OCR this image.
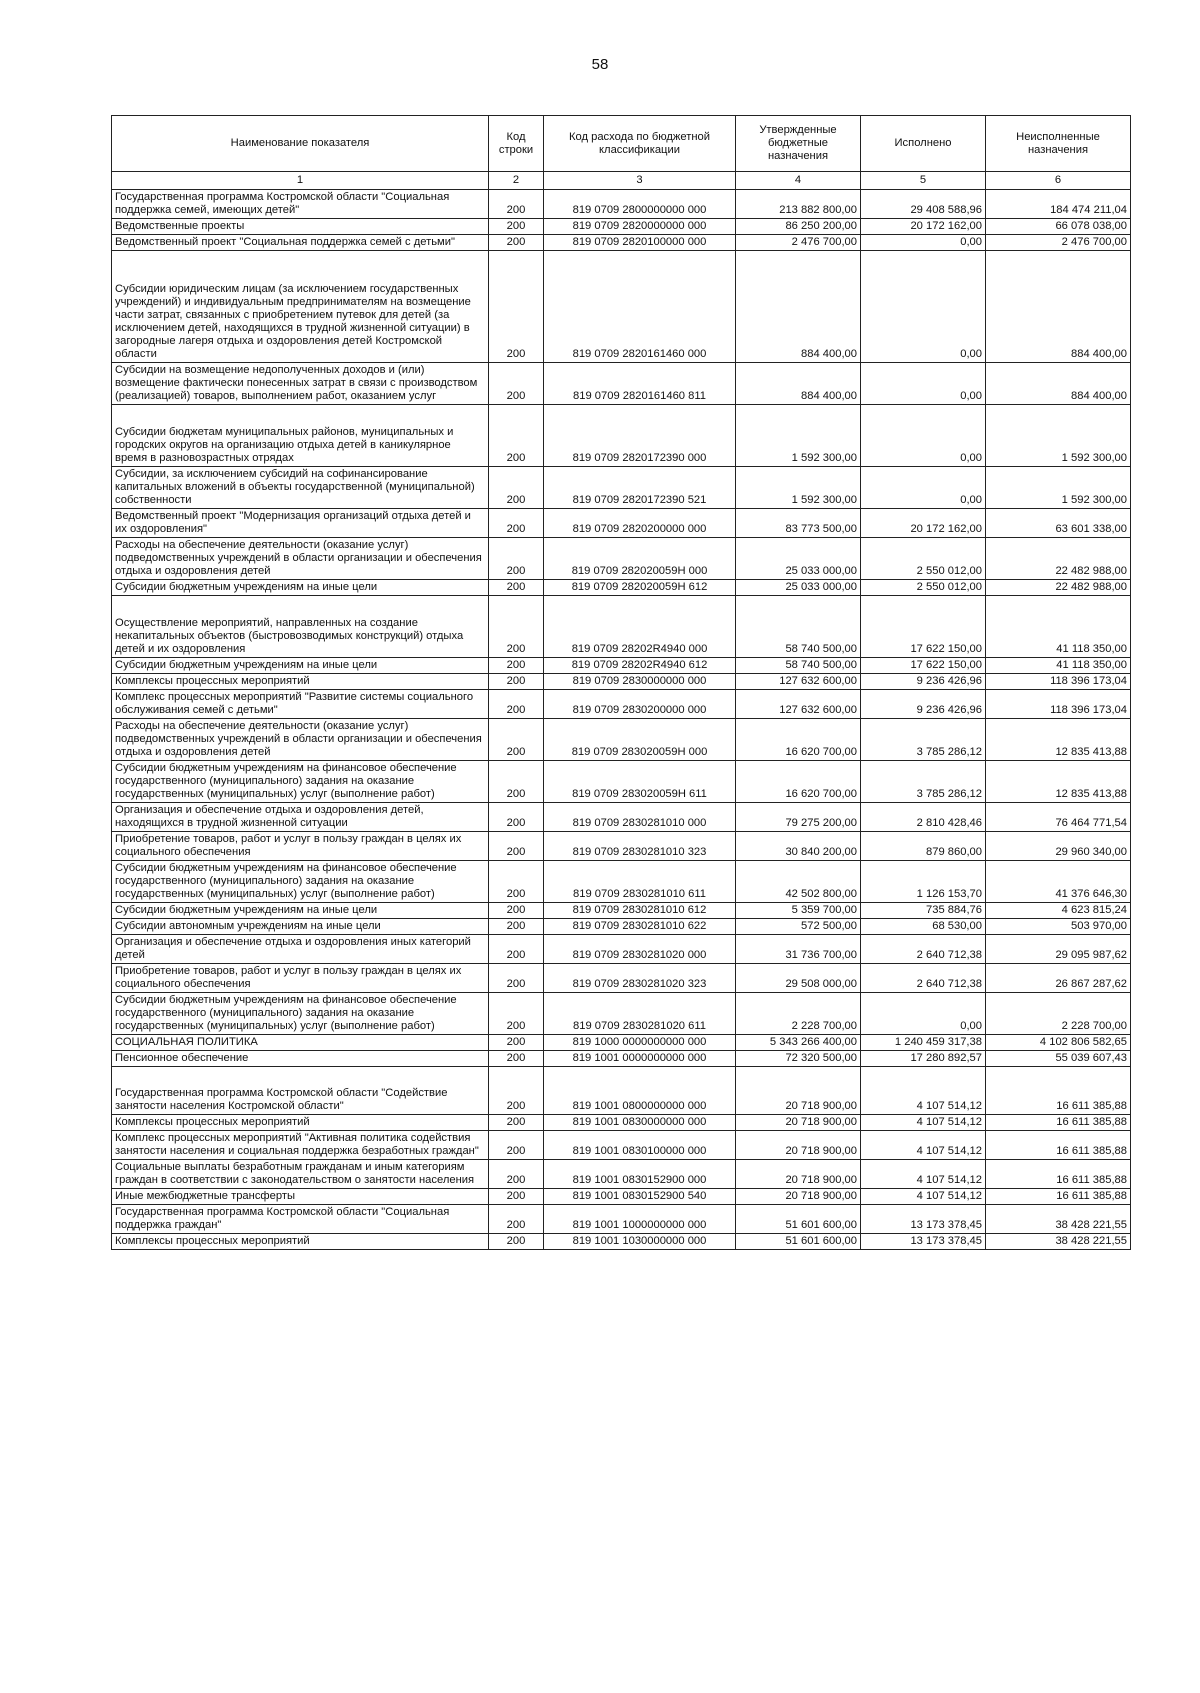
58
Наименование показателя	Код строки	Код расхода по бюджетной классификации	Утвержденные бюджетные назначения	Исполнено	Неисполненные назначения
1	2	3	4	5	6
Государственная программа Костромской области "Социальная поддержка семей, имеющих детей"	200	819 0709 2800000000 000	213 882 800,00	29 408 588,96	184 474 211,04
Ведомственные проекты	200	819 0709 2820000000 000	86 250 200,00	20 172 162,00	66 078 038,00
Ведомственный проект "Социальная поддержка семей с детьми"	200	819 0709 2820100000 000	2 476 700,00	0,00	2 476 700,00
Субсидии юридическим лицам (за исключением государственных учреждений) и индивидуальным предпринимателям на возмещение части затрат, связанных с приобретением путевок для детей (за исключением детей, находящихся в трудной жизненной ситуации) в загородные лагеря отдыха и оздоровления детей Костромской области	200	819 0709 2820161460 000	884 400,00	0,00	884 400,00
Субсидии на возмещение недополученных доходов и (или) возмещение фактически понесенных затрат в связи с производством (реализацией) товаров, выполнением работ, оказанием услуг	200	819 0709 2820161460 811	884 400,00	0,00	884 400,00
Субсидии бюджетам муниципальных районов, муниципальных и городских округов на организацию отдыха детей в каникулярное время в разновозрастных отрядах	200	819 0709 2820172390 000	1 592 300,00	0,00	1 592 300,00
Субсидии, за исключением субсидий на софинансирование капитальных вложений в объекты государственной (муниципальной) собственности	200	819 0709 2820172390 521	1 592 300,00	0,00	1 592 300,00
Ведомственный проект "Модернизация организаций отдыха детей и их оздоровления"	200	819 0709 2820200000 000	83 773 500,00	20 172 162,00	63 601 338,00
Расходы на обеспечение деятельности (оказание услуг) подведомственных учреждений в области организации и обеспечения отдыха и оздоровления детей	200	819 0709 282020059Н 000	25 033 000,00	2 550 012,00	22 482 988,00
Субсидии бюджетным учреждениям на иные цели	200	819 0709 282020059Н 612	25 033 000,00	2 550 012,00	22 482 988,00
Осуществление мероприятий, направленных на создание некапитальных объектов (быстровозводимых конструкций) отдыха детей и их оздоровления	200	819 0709 28202R4940 000	58 740 500,00	17 622 150,00	41 118 350,00
Субсидии бюджетным учреждениям на иные цели	200	819 0709 28202R4940 612	58 740 500,00	17 622 150,00	41 118 350,00
Комплексы процессных мероприятий	200	819 0709 2830000000 000	127 632 600,00	9 236 426,96	118 396 173,04
Комплекс процессных мероприятий "Развитие системы социального обслуживания семей с детьми"	200	819 0709 2830200000 000	127 632 600,00	9 236 426,96	118 396 173,04
Расходы на обеспечение деятельности (оказание услуг) подведомственных учреждений в области организации и обеспечения отдыха и оздоровления детей	200	819 0709 283020059Н 000	16 620 700,00	3 785 286,12	12 835 413,88
Субсидии бюджетным учреждениям на финансовое обеспечение государственного (муниципального) задания на оказание государственных (муниципальных) услуг (выполнение работ)	200	819 0709 283020059Н 611	16 620 700,00	3 785 286,12	12 835 413,88
Организация и обеспечение отдыха и оздоровления детей, находящихся в трудной жизненной ситуации	200	819 0709 2830281010 000	79 275 200,00	2 810 428,46	76 464 771,54
Приобретение товаров, работ и услуг в пользу граждан в целях их социального обеспечения	200	819 0709 2830281010 323	30 840 200,00	879 860,00	29 960 340,00
Субсидии бюджетным учреждениям на финансовое обеспечение государственного (муниципального) задания на оказание государственных (муниципальных) услуг (выполнение работ)	200	819 0709 2830281010 611	42 502 800,00	1 126 153,70	41 376 646,30
Субсидии бюджетным учреждениям на иные цели	200	819 0709 2830281010 612	5 359 700,00	735 884,76	4 623 815,24
Субсидии автономным учреждениям на иные цели	200	819 0709 2830281010 622	572 500,00	68 530,00	503 970,00
Организация и обеспечение отдыха и оздоровления иных категорий детей	200	819 0709 2830281020 000	31 736 700,00	2 640 712,38	29 095 987,62
Приобретение товаров, работ и услуг в пользу граждан в целях их социального обеспечения	200	819 0709 2830281020 323	29 508 000,00	2 640 712,38	26 867 287,62
Субсидии бюджетным учреждениям на финансовое обеспечение государственного (муниципального) задания на оказание государственных (муниципальных) услуг (выполнение работ)	200	819 0709 2830281020 611	2 228 700,00	0,00	2 228 700,00
СОЦИАЛЬНАЯ ПОЛИТИКА	200	819 1000 0000000000 000	5 343 266 400,00	1 240 459 317,38	4 102 806 582,65
Пенсионное обеспечение	200	819 1001 0000000000 000	72 320 500,00	17 280 892,57	55 039 607,43
Государственная программа Костромской области "Содействие занятости населения Костромской области"	200	819 1001 0800000000 000	20 718 900,00	4 107 514,12	16 611 385,88
Комплексы процессных мероприятий	200	819 1001 0830000000 000	20 718 900,00	4 107 514,12	16 611 385,88
Комплекс процессных мероприятий "Активная политика содействия занятости населения и социальная поддержка безработных граждан"	200	819 1001 0830100000 000	20 718 900,00	4 107 514,12	16 611 385,88
Социальные выплаты безработным гражданам и иным категориям граждан в соответствии с законодательством о занятости населения	200	819 1001 0830152900 000	20 718 900,00	4 107 514,12	16 611 385,88
Иные межбюджетные трансферты	200	819 1001 0830152900 540	20 718 900,00	4 107 514,12	16 611 385,88
Государственная программа Костромской области "Социальная поддержка граждан"	200	819 1001 1000000000 000	51 601 600,00	13 173 378,45	38 428 221,55
Комплексы процессных мероприятий	200	819 1001 1030000000 000	51 601 600,00	13 173 378,45	38 428 221,55
